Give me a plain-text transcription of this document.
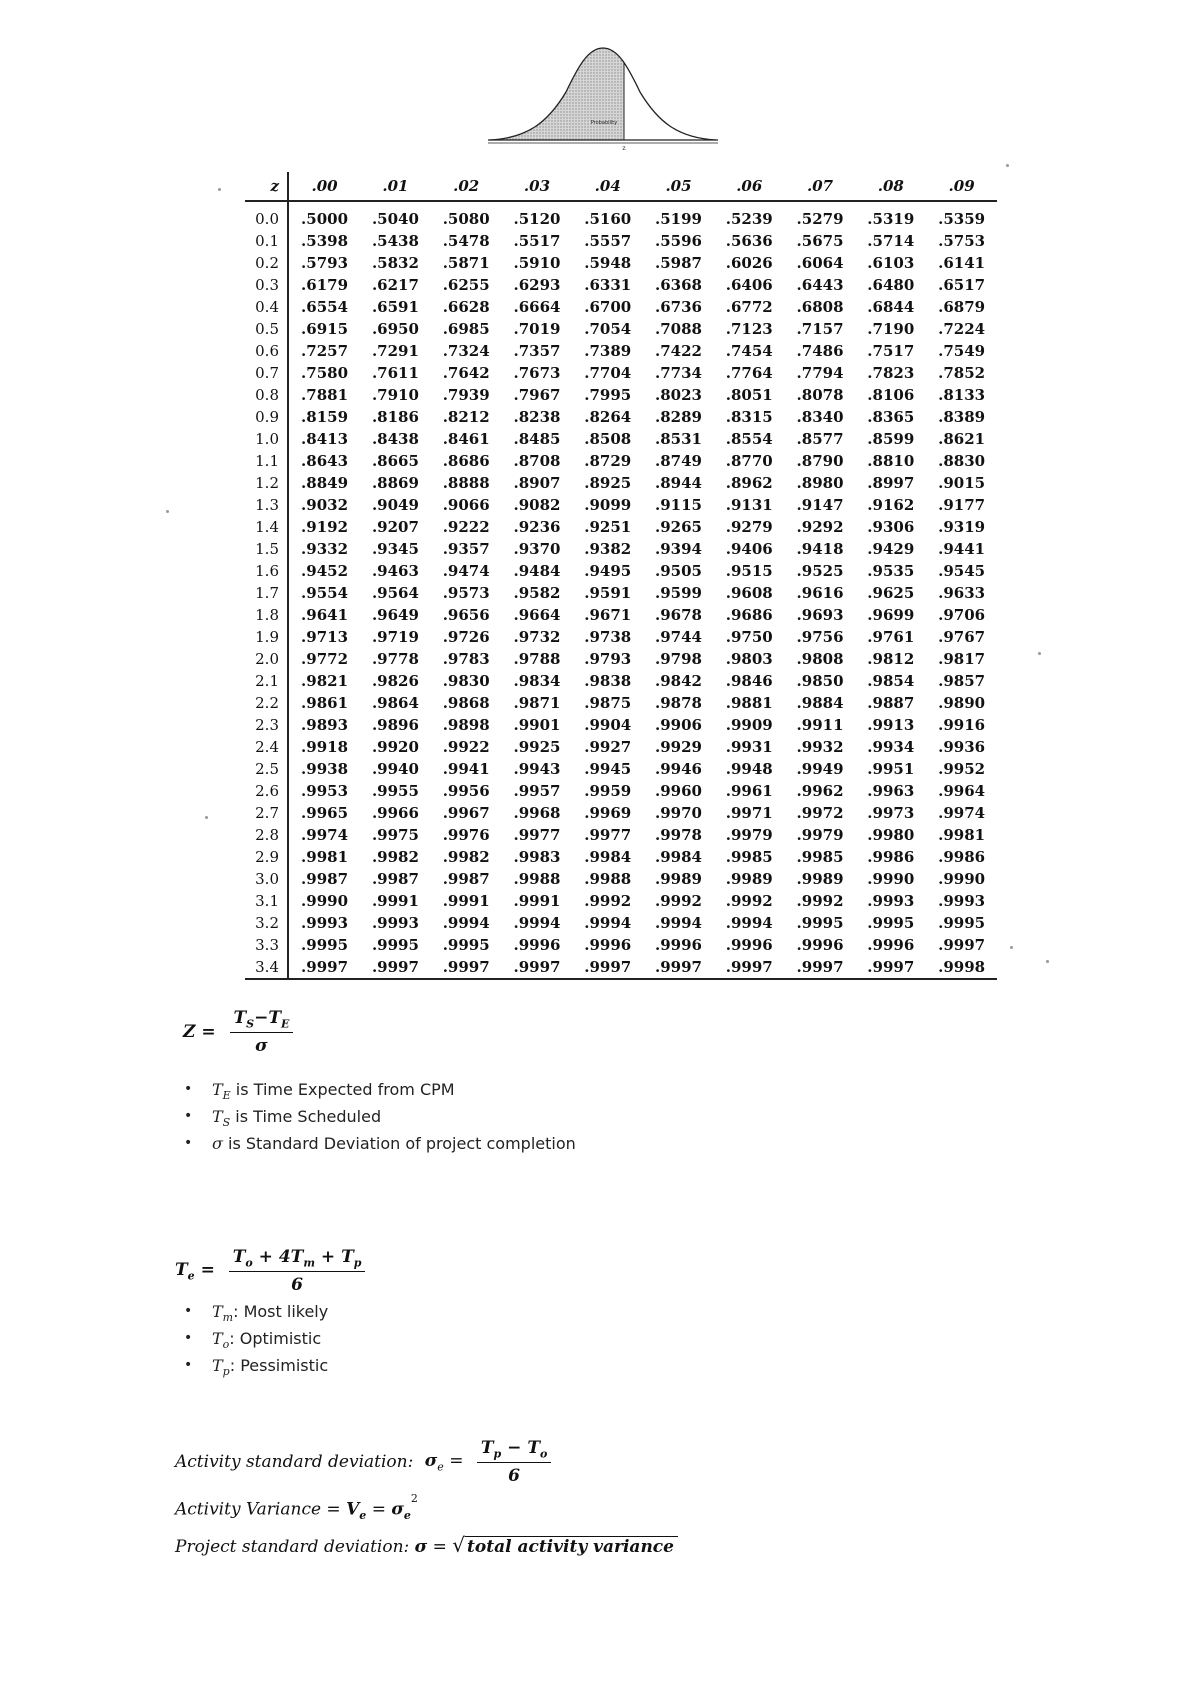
Probability
z
z	.00	.01	.02	.03	.04	.05	.06	.07	.08	.09
0.0	.5000	.5040	.5080	.5120	.5160	.5199	.5239	.5279	.5319	.5359
0.1	.5398	.5438	.5478	.5517	.5557	.5596	.5636	.5675	.5714	.5753
0.2	.5793	.5832	.5871	.5910	.5948	.5987	.6026	.6064	.6103	.6141
0.3	.6179	.6217	.6255	.6293	.6331	.6368	.6406	.6443	.6480	.6517
0.4	.6554	.6591	.6628	.6664	.6700	.6736	.6772	.6808	.6844	.6879
0.5	.6915	.6950	.6985	.7019	.7054	.7088	.7123	.7157	.7190	.7224
0.6	.7257	.7291	.7324	.7357	.7389	.7422	.7454	.7486	.7517	.7549
0.7	.7580	.7611	.7642	.7673	.7704	.7734	.7764	.7794	.7823	.7852
0.8	.7881	.7910	.7939	.7967	.7995	.8023	.8051	.8078	.8106	.8133
0.9	.8159	.8186	.8212	.8238	.8264	.8289	.8315	.8340	.8365	.8389
1.0	.8413	.8438	.8461	.8485	.8508	.8531	.8554	.8577	.8599	.8621
1.1	.8643	.8665	.8686	.8708	.8729	.8749	.8770	.8790	.8810	.8830
1.2	.8849	.8869	.8888	.8907	.8925	.8944	.8962	.8980	.8997	.9015
1.3	.9032	.9049	.9066	.9082	.9099	.9115	.9131	.9147	.9162	.9177
1.4	.9192	.9207	.9222	.9236	.9251	.9265	.9279	.9292	.9306	.9319
1.5	.9332	.9345	.9357	.9370	.9382	.9394	.9406	.9418	.9429	.9441
1.6	.9452	.9463	.9474	.9484	.9495	.9505	.9515	.9525	.9535	.9545
1.7	.9554	.9564	.9573	.9582	.9591	.9599	.9608	.9616	.9625	.9633
1.8	.9641	.9649	.9656	.9664	.9671	.9678	.9686	.9693	.9699	.9706
1.9	.9713	.9719	.9726	.9732	.9738	.9744	.9750	.9756	.9761	.9767
2.0	.9772	.9778	.9783	.9788	.9793	.9798	.9803	.9808	.9812	.9817
2.1	.9821	.9826	.9830	.9834	.9838	.9842	.9846	.9850	.9854	.9857
2.2	.9861	.9864	.9868	.9871	.9875	.9878	.9881	.9884	.9887	.9890
2.3	.9893	.9896	.9898	.9901	.9904	.9906	.9909	.9911	.9913	.9916
2.4	.9918	.9920	.9922	.9925	.9927	.9929	.9931	.9932	.9934	.9936
2.5	.9938	.9940	.9941	.9943	.9945	.9946	.9948	.9949	.9951	.9952
2.6	.9953	.9955	.9956	.9957	.9959	.9960	.9961	.9962	.9963	.9964
2.7	.9965	.9966	.9967	.9968	.9969	.9970	.9971	.9972	.9973	.9974
2.8	.9974	.9975	.9976	.9977	.9977	.9978	.9979	.9979	.9980	.9981
2.9	.9981	.9982	.9982	.9983	.9984	.9984	.9985	.9985	.9986	.9986
3.0	.9987	.9987	.9987	.9988	.9988	.9989	.9989	.9989	.9990	.9990
3.1	.9990	.9991	.9991	.9991	.9992	.9992	.9992	.9992	.9993	.9993
3.2	.9993	.9993	.9994	.9994	.9994	.9994	.9994	.9995	.9995	.9995
3.3	.9995	.9995	.9995	.9996	.9996	.9996	.9996	.9996	.9996	.9997
3.4	.9997	.9997	.9997	.9997	.9997	.9997	.9997	.9997	.9997	.9998
$Z = \frac{T_S-T_E}{\sigma}$
• $T_E$ is Time Expected from CPM
• $T_S$ is Time Scheduled
• σ is Standard Deviation of project completion
$T_e = \frac{T_o + 4T_m + T_p}{6}$
• $T_m$: Most likely
• $T_o$: Optimistic
• $T_p$: Pessimistic
Activity standard deviation: $\sigma_e = \frac{T_p - T_o}{6}$
Activity Variance = $V_e = \sigma_e^2$
Project standard deviation: σ = √ total activity variance
